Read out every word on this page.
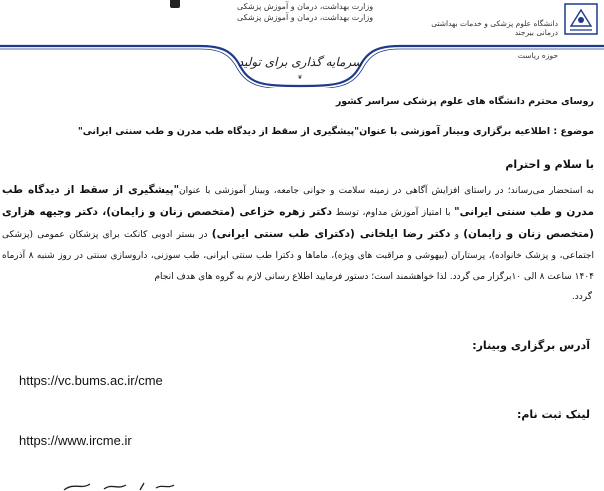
وزارت بهداشت، درمان و آموزش پزشکی
وزارت بهداشت، درمان و آموزش پزشکی
دانشگاه علوم پزشکی و خدمات بهداشتی درمانی بیرجند
حوزه ریاست
سرمایه گذاری برای تولید
❦
روسای محترم دانشگاه های علوم پزشکی سراسر کشور
موضوع : اطلاعیه برگزاری وبینار آموزشی با عنوان"پیشگیری از سقط از دیدگاه طب مدرن و طب سنتی ایرانی"
با سلام و احترام
به استحضار می‌رساند؛ در راستای افزایش آگاهی در زمینه سلامت و جوانی جامعه، وبینار آموزشی با عنوان"پیشگیری از سقط از دیدگاه طب مدرن و طب سنتی ایرانی" با امتیاز آموزش مداوم، توسط دکتر زهره خزاعی (متخصص زنان و زایمان)، دکتر وجیهه هزاری (متخصص زنان و زایمان) و دکتر رضا ایلخانی (دکترای طب سنتی ایرانی) در بستر ادوبی کانکت برای پزشکان عمومی (پزشکی اجتماعی، و پزشک خانواده)، پرستاران (بیهوشی و مراقبت های ویژه)، ماماها و دکترا طب سنتی ایرانی، طب سوزنی، داروسازی سنتی در روز شنبه ۸ آذرماه ۱۴۰۴ ساعت ۸ الی ۱۰برگزار می گردد. لذا خواهشمند است؛ دستور فرمایید اطلاع رسانی لازم به گروه های هدف انجام
گردد.
آدرس برگزاری وبینار:
https://vc.bums.ac.ir/cme
لینک ثبت نام:
https://www.ircme.ir
